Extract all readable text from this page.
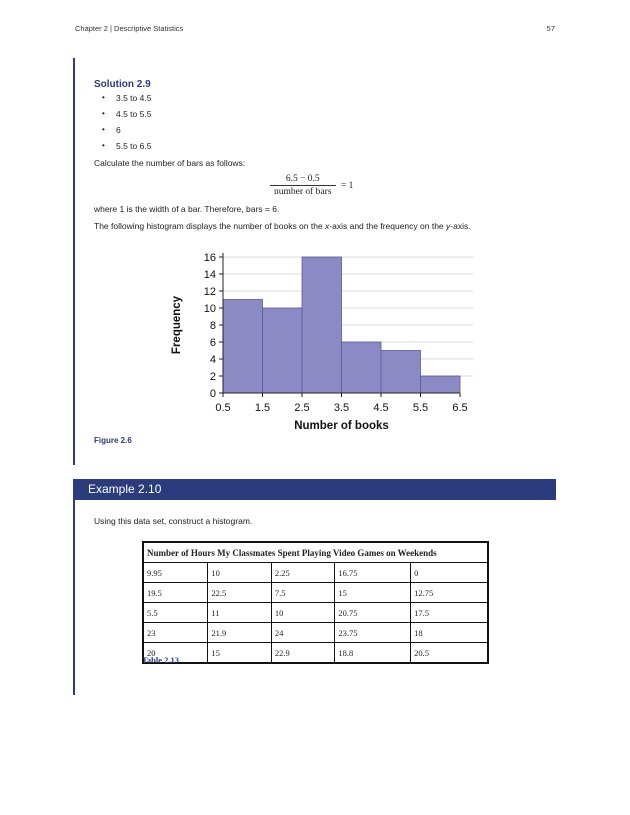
Chapter 2 | Descriptive Statistics	57
Solution 2.9
• 3.5 to 4.5
• 4.5 to 5.5
• 6
• 5.5 to 6.5
Calculate the number of bars as follows:
$\frac{6.5 - 0.5}{\text{number of bars}} = 1$
where 1 is the width of a bar. Therefore, bars = 6.
The following histogram displays the number of books on the x-axis and the frequency on the y-axis.
0
2
4
6
8
10
12
14
16
0.5 1.5 2.5 3.5 4.5 5.5 6.5
Number of books
Frequency
Figure 2.6
Example 2.10
Using this data set, construct a histogram.
Number of Hours My Classmates Spent Playing Video Games on Weekends				
9.95	10	2.25	16.75	0
19.5	22.5	7.5	15	12.75
5.5	11	10	20.75	17.5
23	21.9	24	23.75	18
20	15	22.9	18.8	20.5
Table 2.13
